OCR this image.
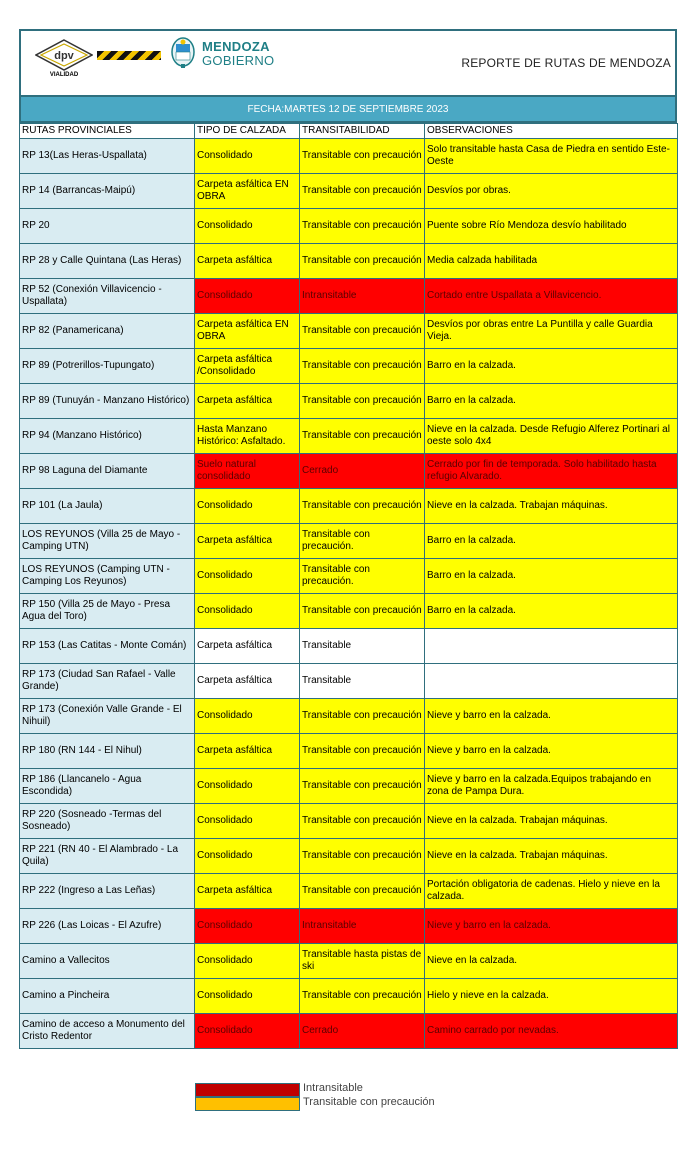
dpv
VIALIDAD
MENDOZA
GOBIERNO	REPORTE DE RUTAS DE MENDOZA
FECHA:MARTES 12 DE SEPTIEMBRE 2023
RUTAS PROVINCIALES	TIPO DE CALZADA	TRANSITABILIDAD	OBSERVACIONES
RP 13(Las Heras-Uspallata)	Consolidado	Transitable con precaución	Solo transitable hasta Casa de Piedra en sentido Este-Oeste
RP 14 (Barrancas-Maipú)	Carpeta asfáltica EN OBRA	Transitable con precaución	Desvíos por obras.
RP 20	Consolidado	Transitable con precaución	Puente sobre Río Mendoza desvío habilitado
RP 28 y Calle Quintana (Las Heras)	Carpeta asfáltica	Transitable con precaución	Media calzada habilitada
RP 52 (Conexión Villavicencio - Uspallata)	Consolidado	Intransitable	Cortado entre Uspallata a Villavicencio.
RP 82 (Panamericana)	Carpeta asfáltica EN OBRA	Transitable con precaución	Desvíos por obras entre La Puntilla y calle Guardia Vieja.
RP 89 (Potrerillos-Tupungato)	Carpeta asfáltica /Consolidado	Transitable con precaución	Barro en la calzada.
RP 89 (Tunuyán - Manzano Histórico)	Carpeta asfáltica	Transitable con precaución	Barro en la calzada.
RP 94 (Manzano Histórico)	Hasta Manzano Histórico: Asfaltado.	Transitable con precaución	Nieve en la calzada. Desde Refugio Alferez Portinari al oeste solo 4x4
RP 98 Laguna del Diamante	Suelo natural consolidado	Cerrado	Cerrado por fin de temporada. Solo habilitado hasta refugio Alvarado.
RP 101 (La Jaula)	Consolidado	Transitable con precaución	Nieve en la calzada. Trabajan máquinas.
LOS REYUNOS (Villa 25 de Mayo - Camping UTN)	Carpeta asfáltica	Transitable con precaución.	Barro en la calzada.
LOS REYUNOS (Camping UTN - Camping Los Reyunos)	Consolidado	Transitable con precaución.	Barro en la calzada.
RP 150 (Villa 25 de Mayo - Presa Agua del Toro)	Consolidado	Transitable con precaución	Barro en la calzada.
RP 153 (Las Catitas - Monte Comán)	Carpeta asfáltica	Transitable	
RP 173 (Ciudad San Rafael - Valle Grande)	Carpeta asfáltica	Transitable	
RP 173 (Conexión Valle Grande - El Nihuil)	Consolidado	Transitable con precaución	Nieve y barro en la calzada.
RP 180 (RN 144 - El Nihul)	Carpeta asfáltica	Transitable con precaución	Nieve y barro en la calzada.
RP 186 (Llancanelo - Agua Escondida)	Consolidado	Transitable con precaución	Nieve y barro en la calzada.Equipos trabajando en zona de Pampa Dura.
RP 220 (Sosneado -Termas del Sosneado)	Consolidado	Transitable con precaución	Nieve en la calzada. Trabajan máquinas.
RP 221 (RN 40 - El Alambrado - La Quila)	Consolidado	Transitable con precaución	Nieve en la calzada. Trabajan máquinas.
RP 222 (Ingreso a Las Leñas)	Carpeta asfáltica	Transitable con precaución	Portación obligatoria de cadenas. Hielo y nieve en la calzada.
RP 226 (Las Loicas - El Azufre)	Consolidado	Intransitable	Nieve y barro en la calzada.
Camino a Vallecitos	Consolidado	Transitable hasta pistas de ski	Nieve en la calzada.
Camino a Pincheira	Consolidado	Transitable con precaución	Hielo y nieve en la calzada.
Camino de acceso a Monumento del Cristo Redentor	Consolidado	Cerrado	Camino carrado por nevadas.
Intransitable
Transitable con precaución
